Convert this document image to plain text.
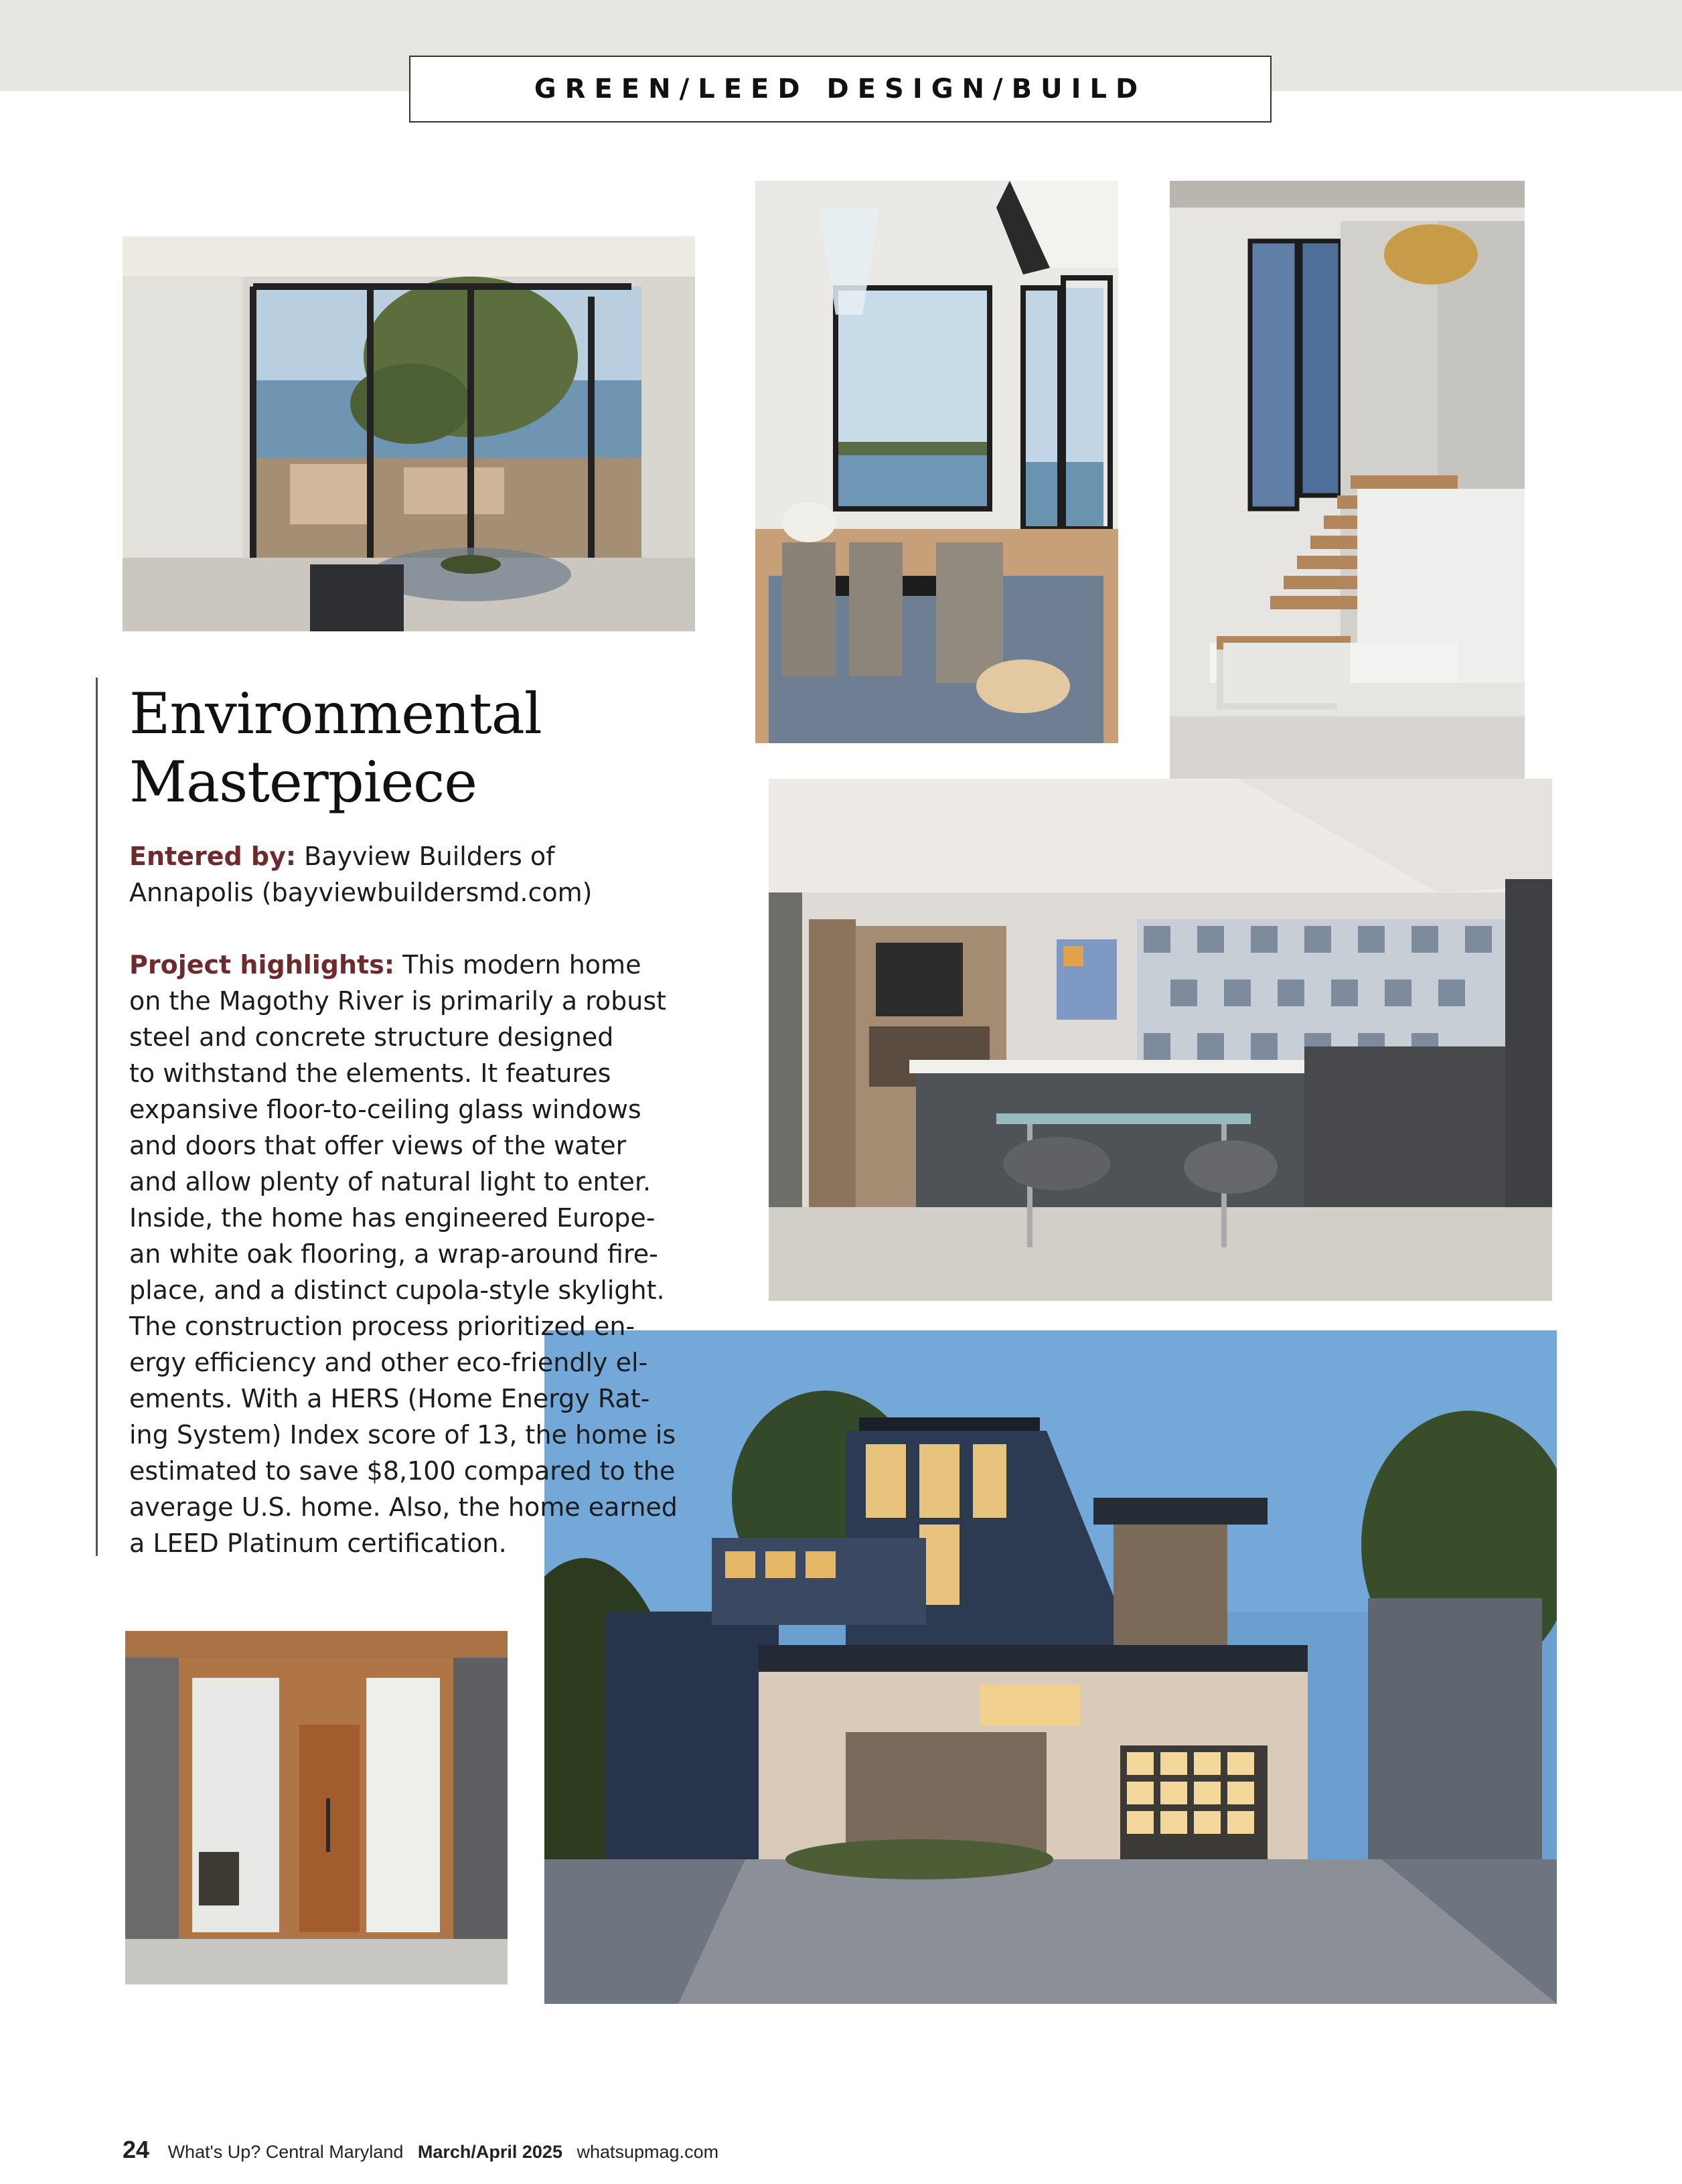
GREEN/LEED DESIGN/BUILD
Environmental
Masterpiece

Entered by: Bayview Builders of
Annapolis (bayviewbuildersmd.com)

Project highlights: This modern home
on the Magothy River is primarily a robust
steel and concrete structure designed
to withstand the elements. It features
expansive floor-to-ceiling glass windows
and doors that offer views of the water
and allow plenty of natural light to enter.
Inside, the home has engineered Europe-
an white oak flooring, a wrap-around fire-
place, and a distinct cupola-style skylight.
The construction process prioritized en-
ergy efficiency and other eco-friendly el-
ements. With a HERS (Home Energy Rat-
ing System) Index score of 13, the home is
estimated to save $8,100 compared to the
average U.S. home. Also, the home earned
a LEED Platinum certification.

24 What's Up? Central Maryland March/April 2025 whatsupmag.com
